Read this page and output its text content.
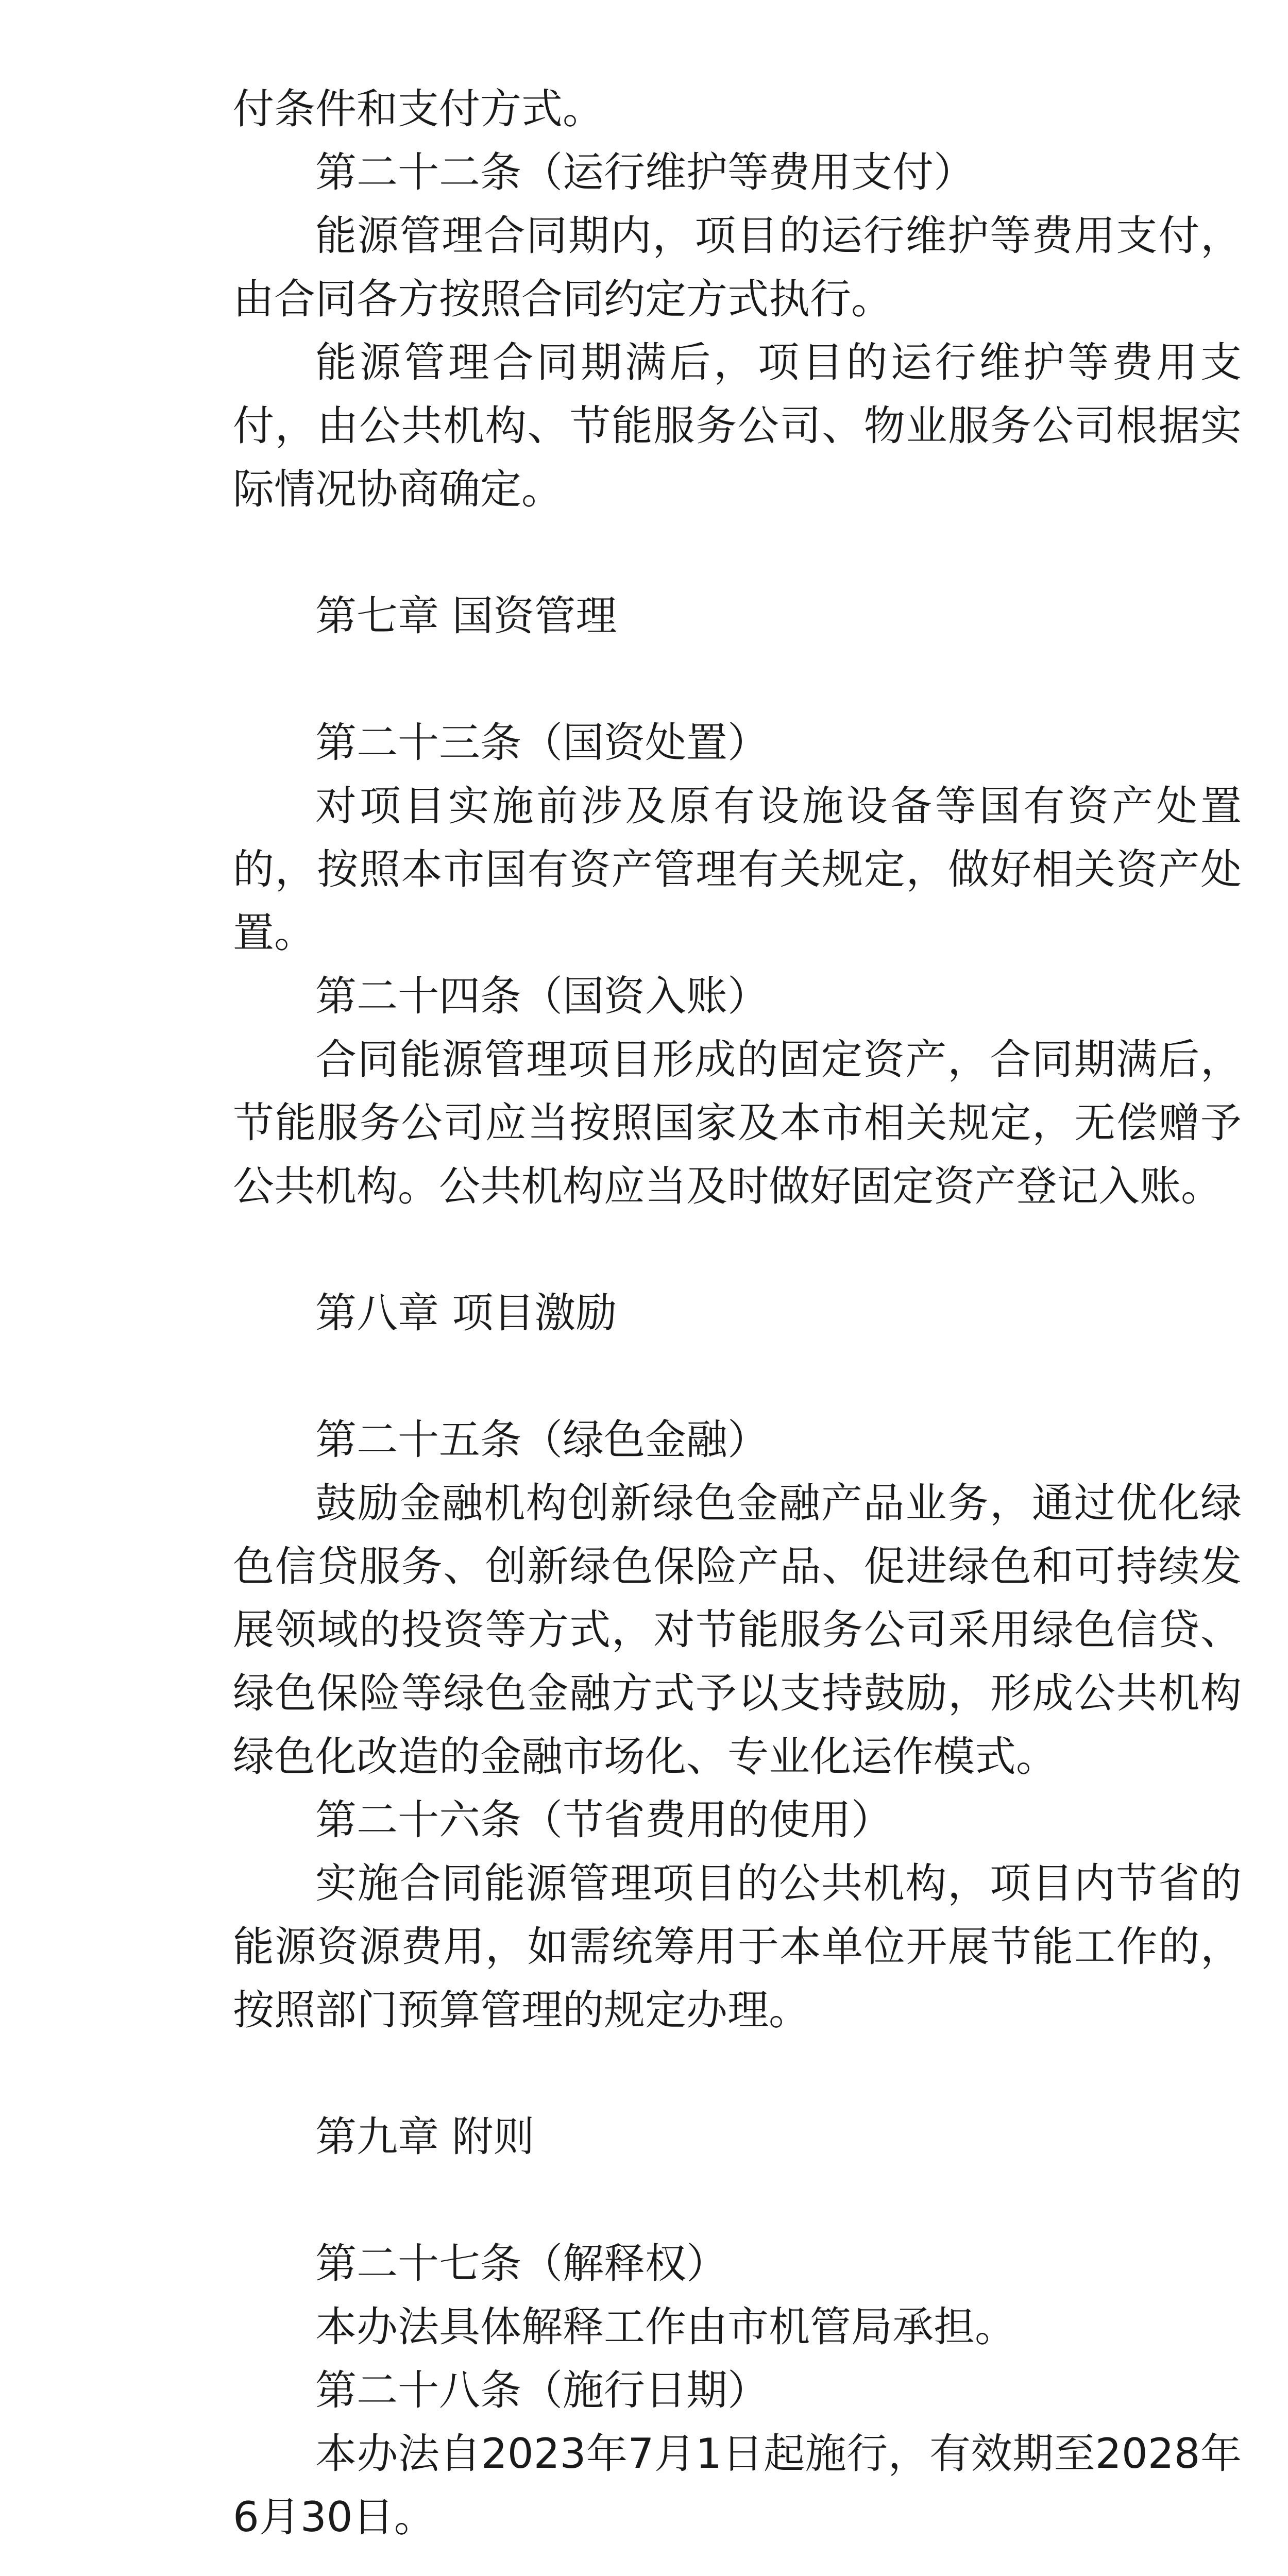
付条件和支付方式。

第二十二条（运行维护等费用支付）

能源管理合同期内，项目的运行维护等费用支付，由合同各方按照合同约定方式执行。

能源管理合同期满后，项目的运行维护等费用支付，由公共机构、节能服务公司、物业服务公司根据实际情况协商确定。

第七章 国资管理

第二十三条（国资处置）

对项目实施前涉及原有设施设备等国有资产处置的，按照本市国有资产管理有关规定，做好相关资产处置。

第二十四条（国资入账）

合同能源管理项目形成的固定资产，合同期满后，节能服务公司应当按照国家及本市相关规定，无偿赠予公共机构。公共机构应当及时做好固定资产登记入账。

第八章 项目激励

第二十五条（绿色金融）

鼓励金融机构创新绿色金融产品业务，通过优化绿色信贷服务、创新绿色保险产品、促进绿色和可持续发展领域的投资等方式，对节能服务公司采用绿色信贷、绿色保险等绿色金融方式予以支持鼓励，形成公共机构绿色化改造的金融市场化、专业化运作模式。

第二十六条（节省费用的使用）

实施合同能源管理项目的公共机构，项目内节省的能源资源费用，如需统筹用于本单位开展节能工作的，按照部门预算管理的规定办理。

第九章 附则

第二十七条（解释权）

本办法具体解释工作由市机管局承担。

第二十八条（施行日期）

本办法自2023年7月1日起施行，有效期至2028年6月30日。
